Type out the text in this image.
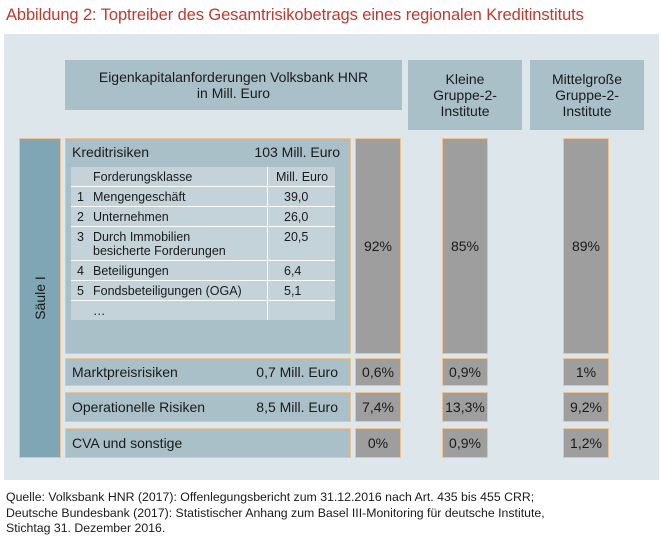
Abbildung 2: Toptreiber des Gesamtrisikobetrags eines regionalen Kreditinstituts
Eigenkapitalanforderungen Volksbank HNR
in Mill. Euro
Kleine
Gruppe-2-
Institute
Mittelgroße
Gruppe-2-
Institute
Säule I
Kreditrisiken	103 Mill. Euro
Forderungsklasse	Mill. Euro
1 Mengengeschäft	39,0
2 Unternehmen	26,0
3 Durch Immobilien
besicherte Forderungen
20,5
4 Beteiligungen	6,4
5 Fondsbeteiligungen (OGA)	5,1
…
92%	85%	89%
Marktpreisrisiken	0,7 Mill. Euro	0,6%	0,9%	1%
Operationelle Risiken	8,5 Mill. Euro	7,4%	13,3%	9,2%
CVA und sonstige	0%	0,9%	1,2%
Quelle: Volksbank HNR (2017): Offenlegungsbericht zum 31.12.2016 nach Art. 435 bis 455 CRR;
Deutsche Bundesbank (2017): Statistischer Anhang zum Basel III-Monitoring für deutsche Institute,
Stichtag 31. Dezember 2016.
